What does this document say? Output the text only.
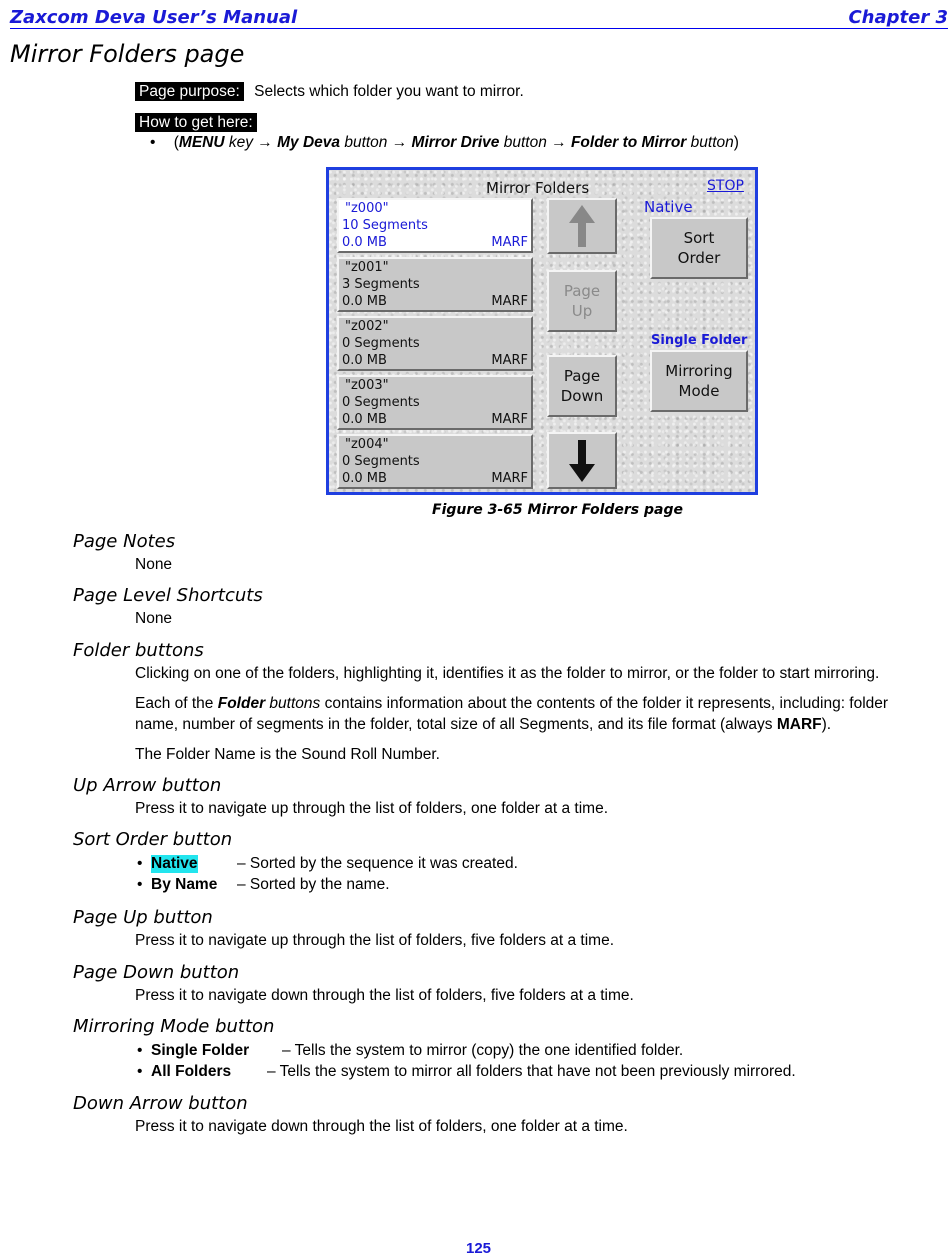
Zaxcom Deva User’s Manual	Chapter 3
Mirror Folders page
Page purpose: Selects which folder you want to mirror.
How to get here:
• (MENU key → My Deva button → Mirror Drive button → Folder to Mirror button)
Mirror Folders	STOP
"z000"
10 Segments
0.0 MB	MARF
"z001"
3 Segments
0.0 MB	MARF
"z002"
0 Segments
0.0 MB	MARF
"z003"
0 Segments
0.0 MB	MARF
"z004"
0 Segments
0.0 MB	MARF
Page
Up
Page
Down
Native
Sort
Order
Single Folder
Mirroring
Mode
Figure 3-65 Mirror Folders page
Page Notes
None
Page Level Shortcuts
None
Folder buttons
Clicking on one of the folders, highlighting it, identifies it as the folder to mirror, or the folder to start mirroring.
Each of the Folder buttons contains information about the contents of the folder it represents, including: folder
name, number of segments in the folder, total size of all Segments, and its file format (always MARF).
The Folder Name is the Sound Roll Number.
Up Arrow button
Press it to navigate up through the list of folders, one folder at a time.
Sort Order button
• Native	– Sorted by the sequence it was created.
• By Name – Sorted by the name.
Page Up button
Press it to navigate up through the list of folders, five folders at a time.
Page Down button
Press it to navigate down through the list of folders, five folders at a time.
Mirroring Mode button
• Single Folder – Tells the system to mirror (copy) the one identified folder.
• All Folders – Tells the system to mirror all folders that have not been previously mirrored.
Down Arrow button
Press it to navigate down through the list of folders, one folder at a time.
125
